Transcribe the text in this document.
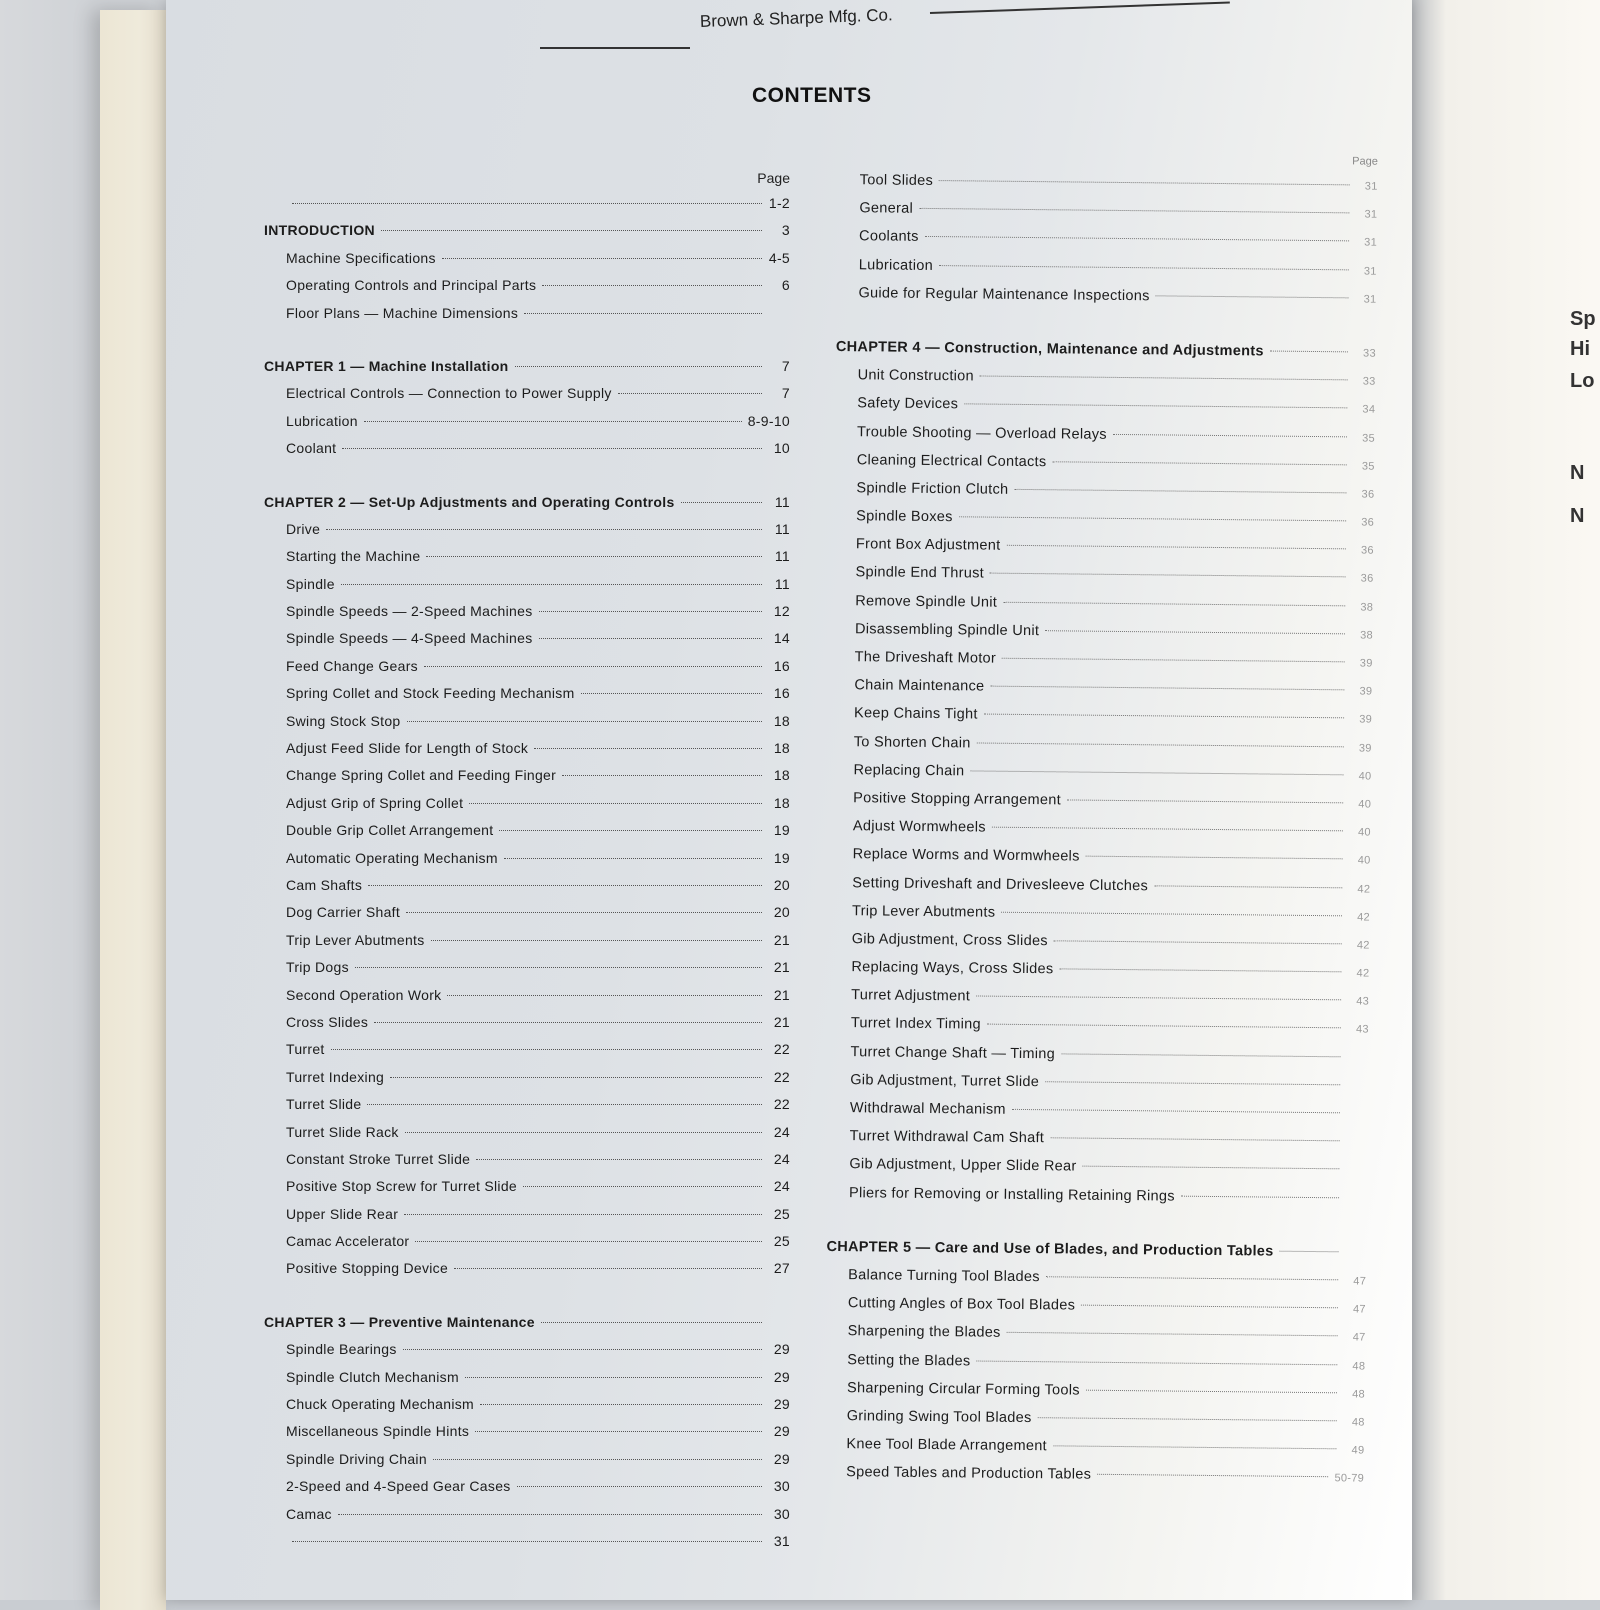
Sp
Hi
Lo
N
N
Brown & Sharpe Mfg. Co.
CONTENTS
Page
1-2
INTRODUCTION	3
Machine Specifications	4-5
Operating Controls and Principal Parts	6
Floor Plans — Machine Dimensions
CHAPTER 1 — Machine Installation	7
Electrical Controls — Connection to Power Supply	7
Lubrication	8-9-10
Coolant	10
CHAPTER 2 — Set-Up Adjustments and Operating Controls	11
Drive	11
Starting the Machine	11
Spindle	11
Spindle Speeds — 2-Speed Machines	12
Spindle Speeds — 4-Speed Machines	14
Feed Change Gears	16
Spring Collet and Stock Feeding Mechanism	16
Swing Stock Stop	18
Adjust Feed Slide for Length of Stock	18
Change Spring Collet and Feeding Finger	18
Adjust Grip of Spring Collet	18
Double Grip Collet Arrangement	19
Automatic Operating Mechanism	19
Cam Shafts	20
Dog Carrier Shaft	20
Trip Lever Abutments	21
Trip Dogs	21
Second Operation Work	21
Cross Slides	21
Turret	22
Turret Indexing	22
Turret Slide	22
Turret Slide Rack	24
Constant Stroke Turret Slide	24
Positive Stop Screw for Turret Slide	24
Upper Slide Rear	25
Camac Accelerator	25
Positive Stopping Device	27
CHAPTER 3 — Preventive Maintenance
Spindle Bearings	29
Spindle Clutch Mechanism	29
Chuck Operating Mechanism	29
Miscellaneous Spindle Hints	29
Spindle Driving Chain	29
2-Speed and 4-Speed Gear Cases	30
Camac	30
31
Page
Tool Slides	31
General	31
Coolants	31
Lubrication	31
Guide for Regular Maintenance Inspections	31
CHAPTER 4 — Construction, Maintenance and Adjustments	33
Unit Construction	33
Safety Devices	34
Trouble Shooting — Overload Relays	35
Cleaning Electrical Contacts	35
Spindle Friction Clutch	36
Spindle Boxes	36
Front Box Adjustment	36
Spindle End Thrust	36
Remove Spindle Unit	38
Disassembling Spindle Unit	38
The Driveshaft Motor	39
Chain Maintenance	39
Keep Chains Tight	39
To Shorten Chain	39
Replacing Chain	40
Positive Stopping Arrangement	40
Adjust Wormwheels	40
Replace Worms and Wormwheels	40
Setting Driveshaft and Drivesleeve Clutches	42
Trip Lever Abutments	42
Gib Adjustment, Cross Slides	42
Replacing Ways, Cross Slides	42
Turret Adjustment	43
Turret Index Timing	43
Turret Change Shaft — Timing
Gib Adjustment, Turret Slide
Withdrawal Mechanism
Turret Withdrawal Cam Shaft
Gib Adjustment, Upper Slide Rear
Pliers for Removing or Installing Retaining Rings
CHAPTER 5 — Care and Use of Blades, and Production Tables
Balance Turning Tool Blades	47
Cutting Angles of Box Tool Blades	47
Sharpening the Blades	47
Setting the Blades	48
Sharpening Circular Forming Tools	48
Grinding Swing Tool Blades	48
Knee Tool Blade Arrangement	49
Speed Tables and Production Tables	50-79
